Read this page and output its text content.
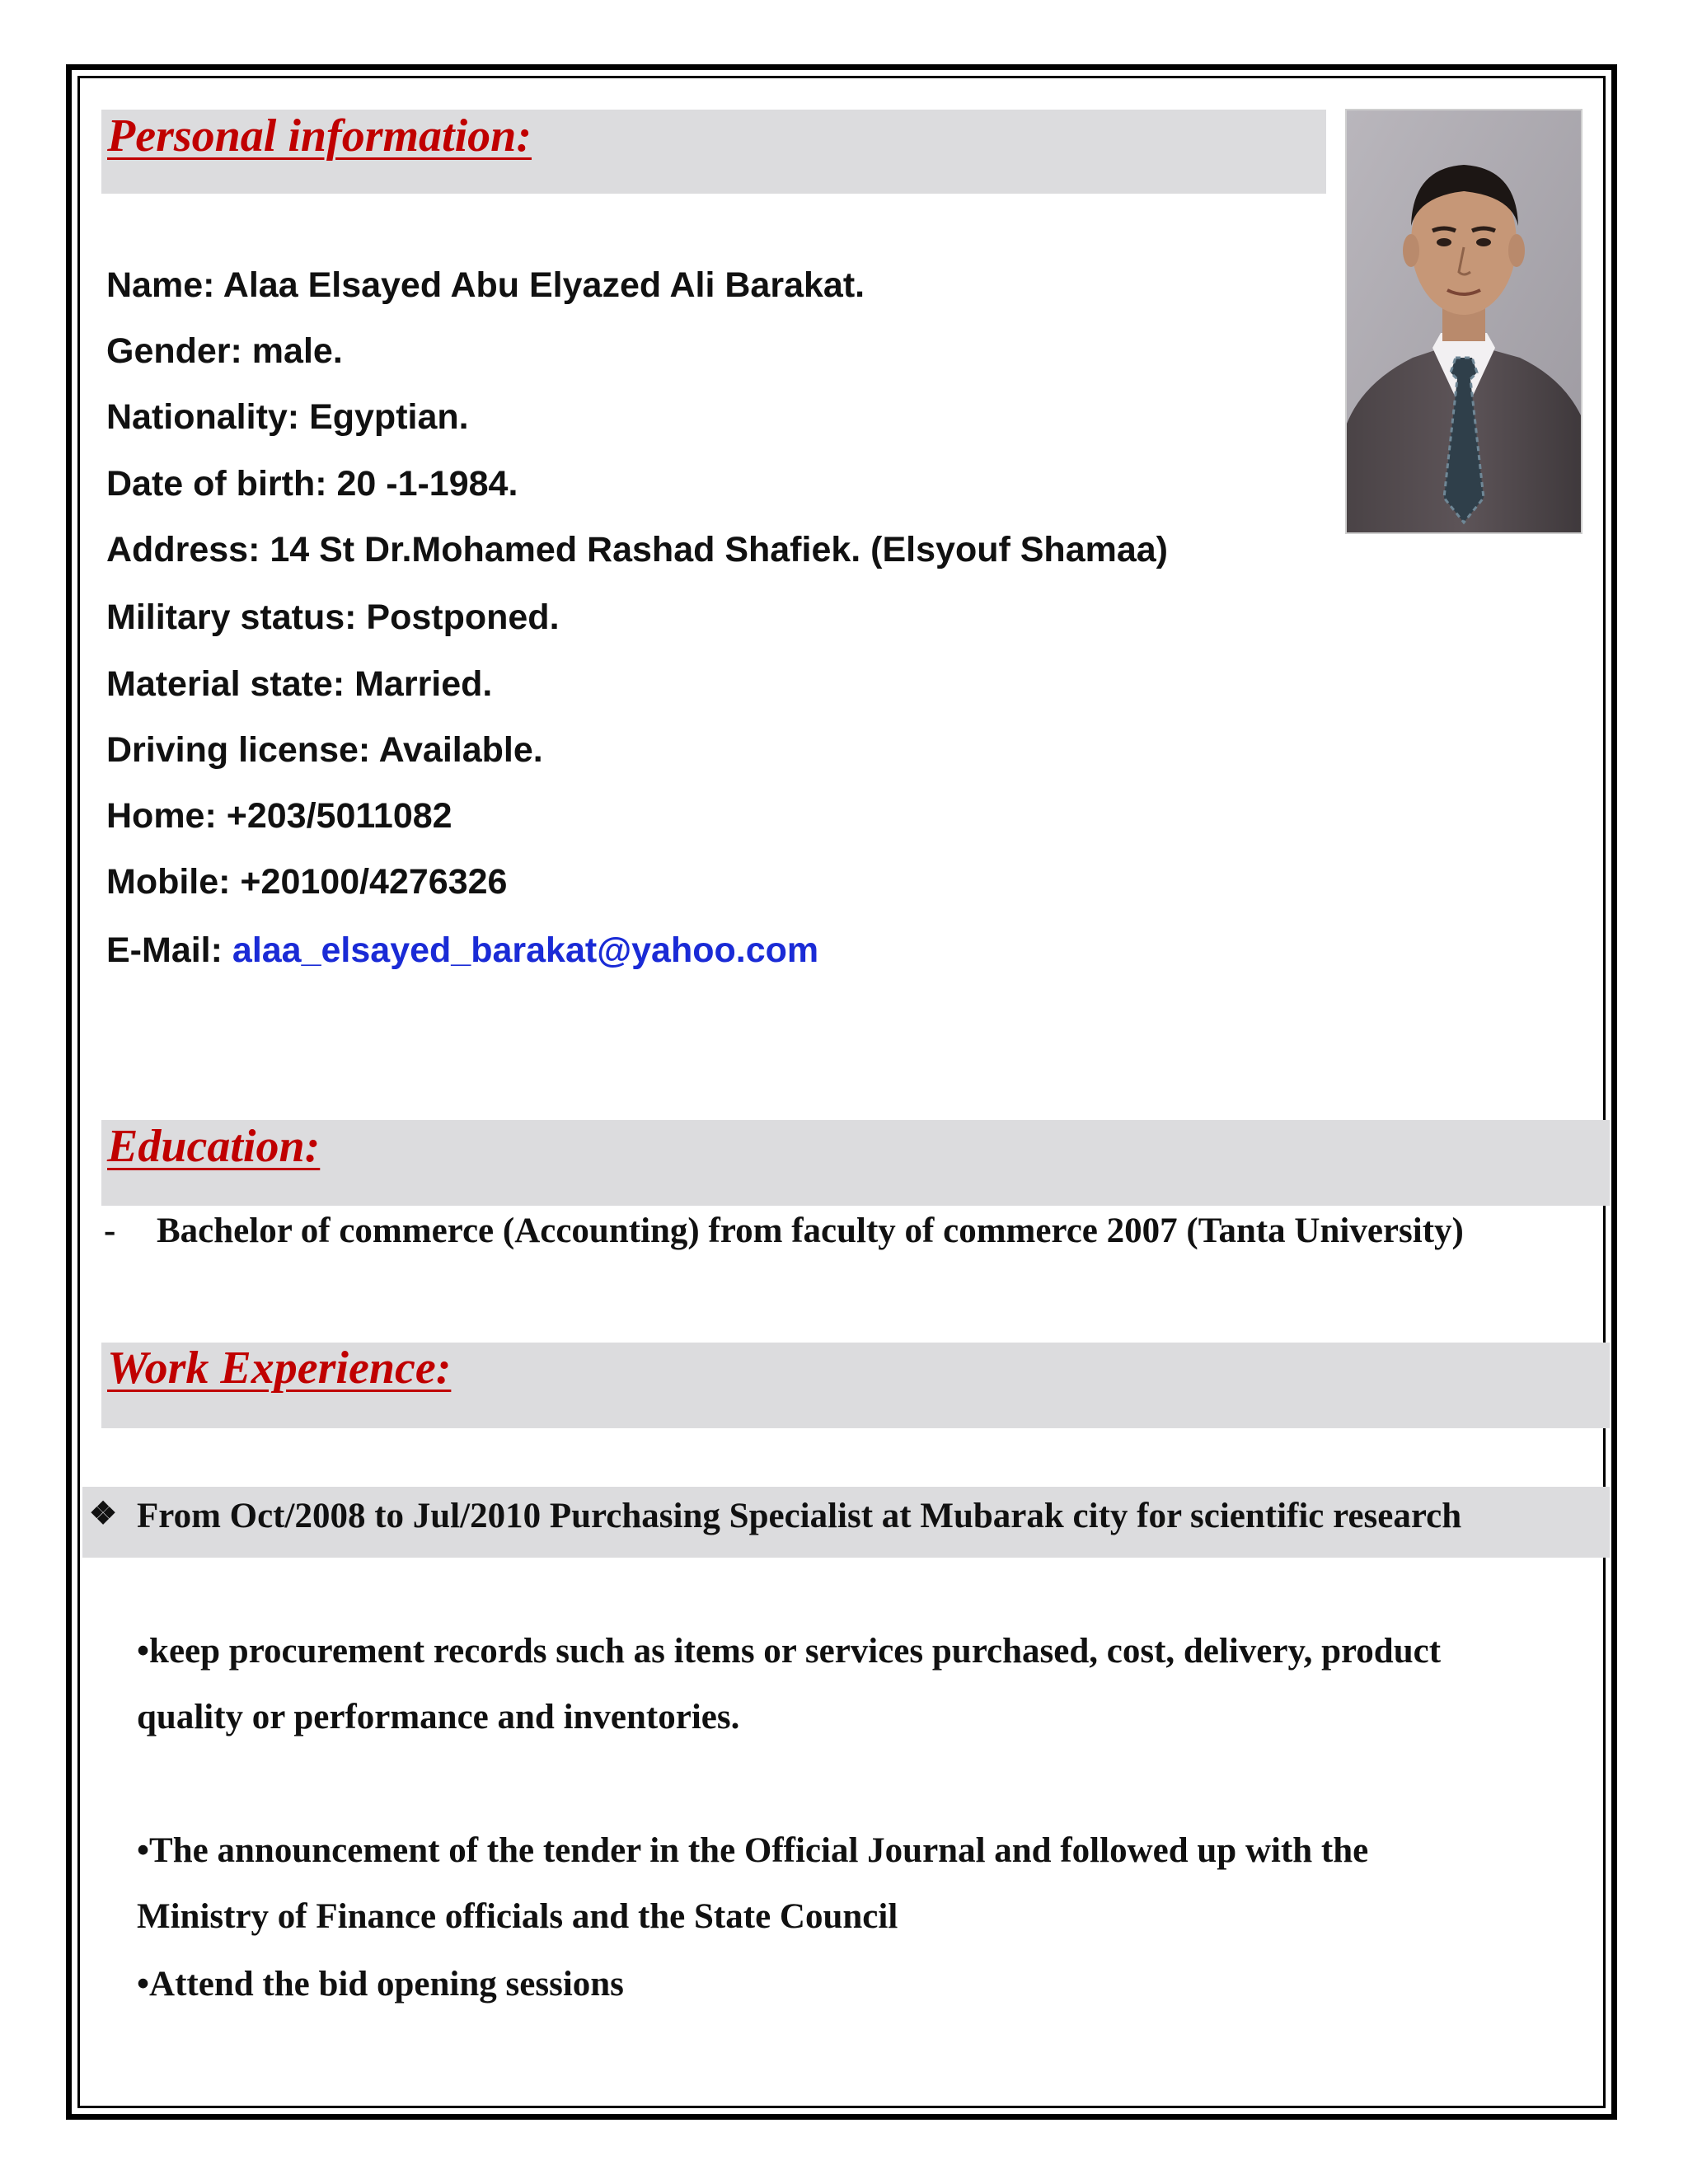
Personal information:
Name: Alaa Elsayed Abu Elyazed Ali Barakat.
Gender: male.
Nationality: Egyptian.
Date of birth: 20 -1-1984.
Address: 14 St Dr.Mohamed Rashad Shafiek. (Elsyouf Shamaa)
Military status: Postponed.
Material state: Married.
Driving license: Available.
Home: +203/5011082
Mobile: +20100/4276326
E-Mail: alaa_elsayed_barakat@yahoo.com
Education:
- Bachelor of commerce (Accounting) from faculty of commerce 2007 (Tanta University)
Work Experience:
❖ From Oct/2008 to Jul/2010 Purchasing Specialist at Mubarak city for scientific research
•keep procurement records such as items or services purchased, cost, delivery, product
quality or performance and inventories.
•The announcement of the tender in the Official Journal and followed up with the
Ministry of Finance officials and the State Council
•Attend the bid opening sessions
